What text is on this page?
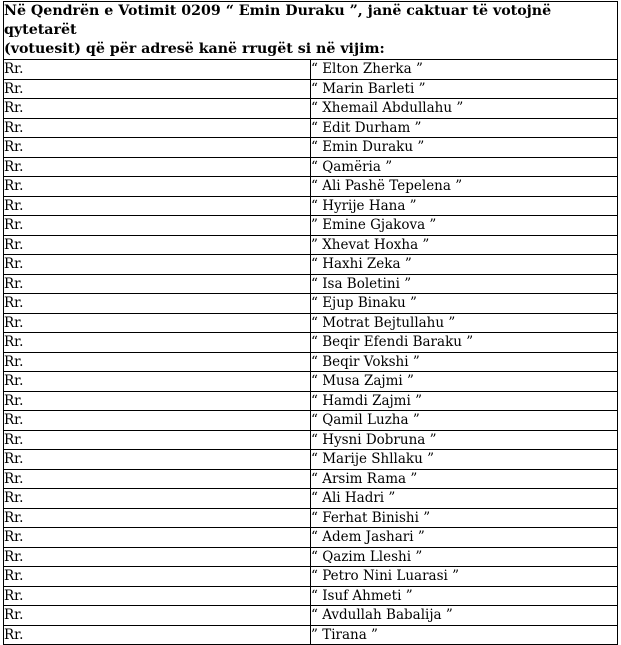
Në Qendrën e Votimit 0209 “ Emin Duraku ”, janë caktuar të votojnë qytetarët
(votuesit) që për adresë kanë rrugët si në vijim:	
Rr.	“ Elton Zherka ”
Rr.	“ Marin Barleti ”
Rr.	“ Xhemail Abdullahu ”
Rr.	“ Edit Durham ”
Rr.	“ Emin Duraku ”
Rr.	“ Qamëria ”
Rr.	“ Ali Pashë Tepelena ”
Rr.	“ Hyrije Hana ”
Rr.	” Emine Gjakova ”
Rr.	” Xhevat Hoxha ”
Rr.	“ Haxhi Zeka ”
Rr.	“ Isa Boletini ”
Rr.	“ Ejup Binaku ”
Rr.	“ Motrat Bejtullahu ”
Rr.	“ Beqir Efendi Baraku ”
Rr.	“ Beqir Vokshi ”
Rr.	“ Musa Zajmi ”
Rr.	“ Hamdi Zajmi ”
Rr.	“ Qamil Luzha ”
Rr.	“ Hysni Dobruna ”
Rr.	“ Marije Shllaku ”
Rr.	“ Arsim Rama ”
Rr.	“ Ali Hadri ”
Rr.	“ Ferhat Binishi ”
Rr.	“ Adem Jashari ”
Rr.	“ Qazim Lleshi ”
Rr.	“ Petro Nini Luarasi ”
Rr.	“ Isuf Ahmeti ”
Rr.	“ Avdullah Babalija ”
Rr.	” Tirana ”
